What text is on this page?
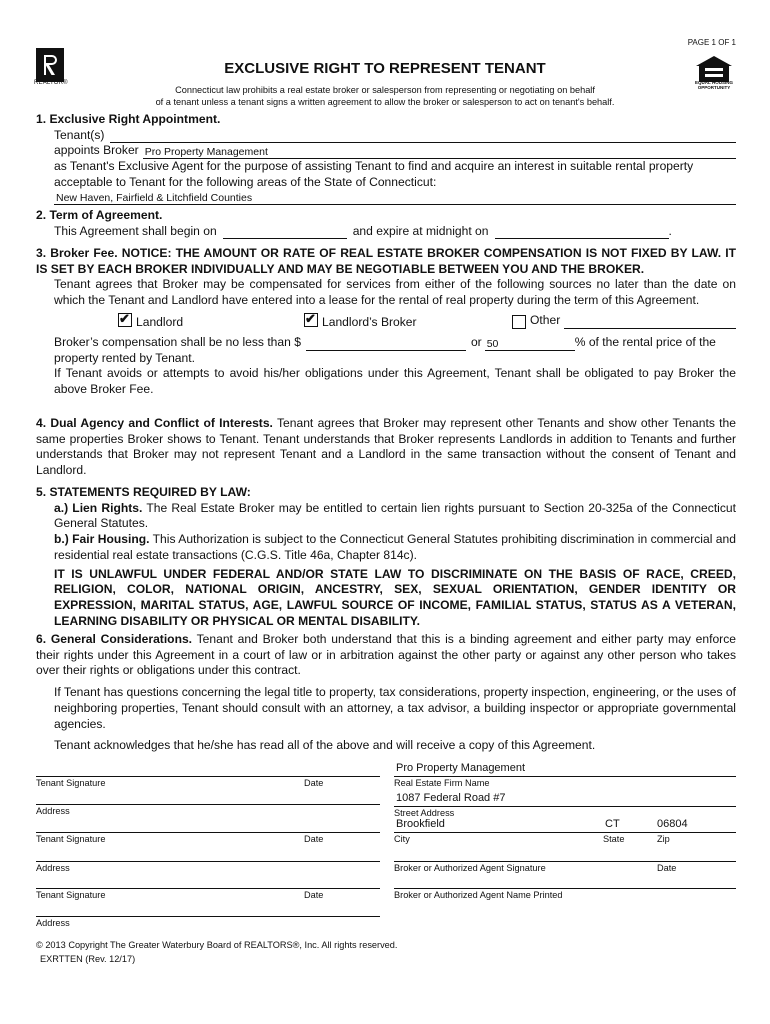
PAGE 1 OF 1
REALTOR®	EQUAL HOUSING OPPORTUNITY
EXCLUSIVE RIGHT TO REPRESENT TENANT
Connecticut law prohibits a real estate broker or salesperson from representing or negotiating on behalf
of a tenant unless a tenant signs a written agreement to allow the broker or salesperson to act on tenant's behalf.

1. Exclusive Right Appointment.

Tenant(s)
appoints Broker Pro Property Management

as Tenant's Exclusive Agent for the purpose of assisting Tenant to find and acquire an interest in suitable rental property

acceptable to Tenant for the following areas of the State of Connecticut:

New Haven, Fairfield & Litchfield Counties

2. Term of Agreement.

This Agreement shall begin on	and expire at midnight on	.

3. Broker Fee. NOTICE: THE AMOUNT OR RATE OF REAL ESTATE BROKER COMPENSATION IS NOT FIXED BY LAW. IT IS SET BY EACH BROKER INDIVIDUALLY AND MAY BE NEGOTIABLE BETWEEN YOU AND THE BROKER.

Tenant agrees that Broker may be compensated for services from either of the following sources no later than the date on which the Tenant and Landlord have entered into a lease for the rental of real property during the term of this Agreement.

✔ Landlord	✔ Landlord’s Broker	Other
Broker’s compensation shall be no less than $	or 50	% of the rental price of the

property rented by Tenant.

If Tenant avoids or attempts to avoid his/her obligations under this Agreement, Tenant shall be obligated to pay Broker the above Broker Fee.

4. Dual Agency and Conflict of Interests. Tenant agrees that Broker may represent other Tenants and show other Tenants the same properties Broker shows to Tenant. Tenant understands that Broker represents Landlords in addition to Tenants and further understands that Broker may not represent Tenant and a Landlord in the same transaction without the consent of Tenant and Landlord.

5. STATEMENTS REQUIRED BY LAW:

a.) Lien Rights. The Real Estate Broker may be entitled to certain lien rights pursuant to Section 20-325a of the Connecticut General Statutes.

b.) Fair Housing. This Authorization is subject to the Connecticut General Statutes prohibiting discrimination in commercial and residential real estate transactions (C.G.S. Title 46a, Chapter 814c).

IT IS UNLAWFUL UNDER FEDERAL AND/OR STATE LAW TO DISCRIMINATE ON THE BASIS OF RACE, CREED, RELIGION, COLOR, NATIONAL ORIGIN, ANCESTRY, SEX, SEXUAL ORIENTATION, GENDER IDENTITY OR EXPRESSION, MARITAL STATUS, AGE, LAWFUL SOURCE OF INCOME, FAMILIAL STATUS, STATUS AS A VETERAN, LEARNING DISABILITY OR PHYSICAL OR MENTAL DISABILITY.

6. General Considerations. Tenant and Broker both understand that this is a binding agreement and either party may enforce their rights under this Agreement in a court of law or in arbitration against the other party or against any other person who takes over their rights or obligations under this contract.

If Tenant has questions concerning the legal title to property, tax considerations, property inspection, engineering, or the uses of neighboring properties, Tenant should consult with an attorney, a tax advisor, a building inspector or appropriate governmental agencies.

Tenant acknowledges that he/she has read all of the above and will receive a copy of this Agreement.

Tenant Signature	Date
Address
Tenant Signature	Date
Address
Tenant Signature	Date
Address
Pro Property Management
Real Estate Firm Name
1087 Federal Road #7
Street Address
Brookfield	CT	06804
City	State	Zip
Broker or Authorized Agent Signature	Date
Broker or Authorized Agent Name Printed
© 2013 Copyright The Greater Waterbury Board of REALTORS®, Inc. All rights reserved.
EXRTTEN (Rev. 12/17)
